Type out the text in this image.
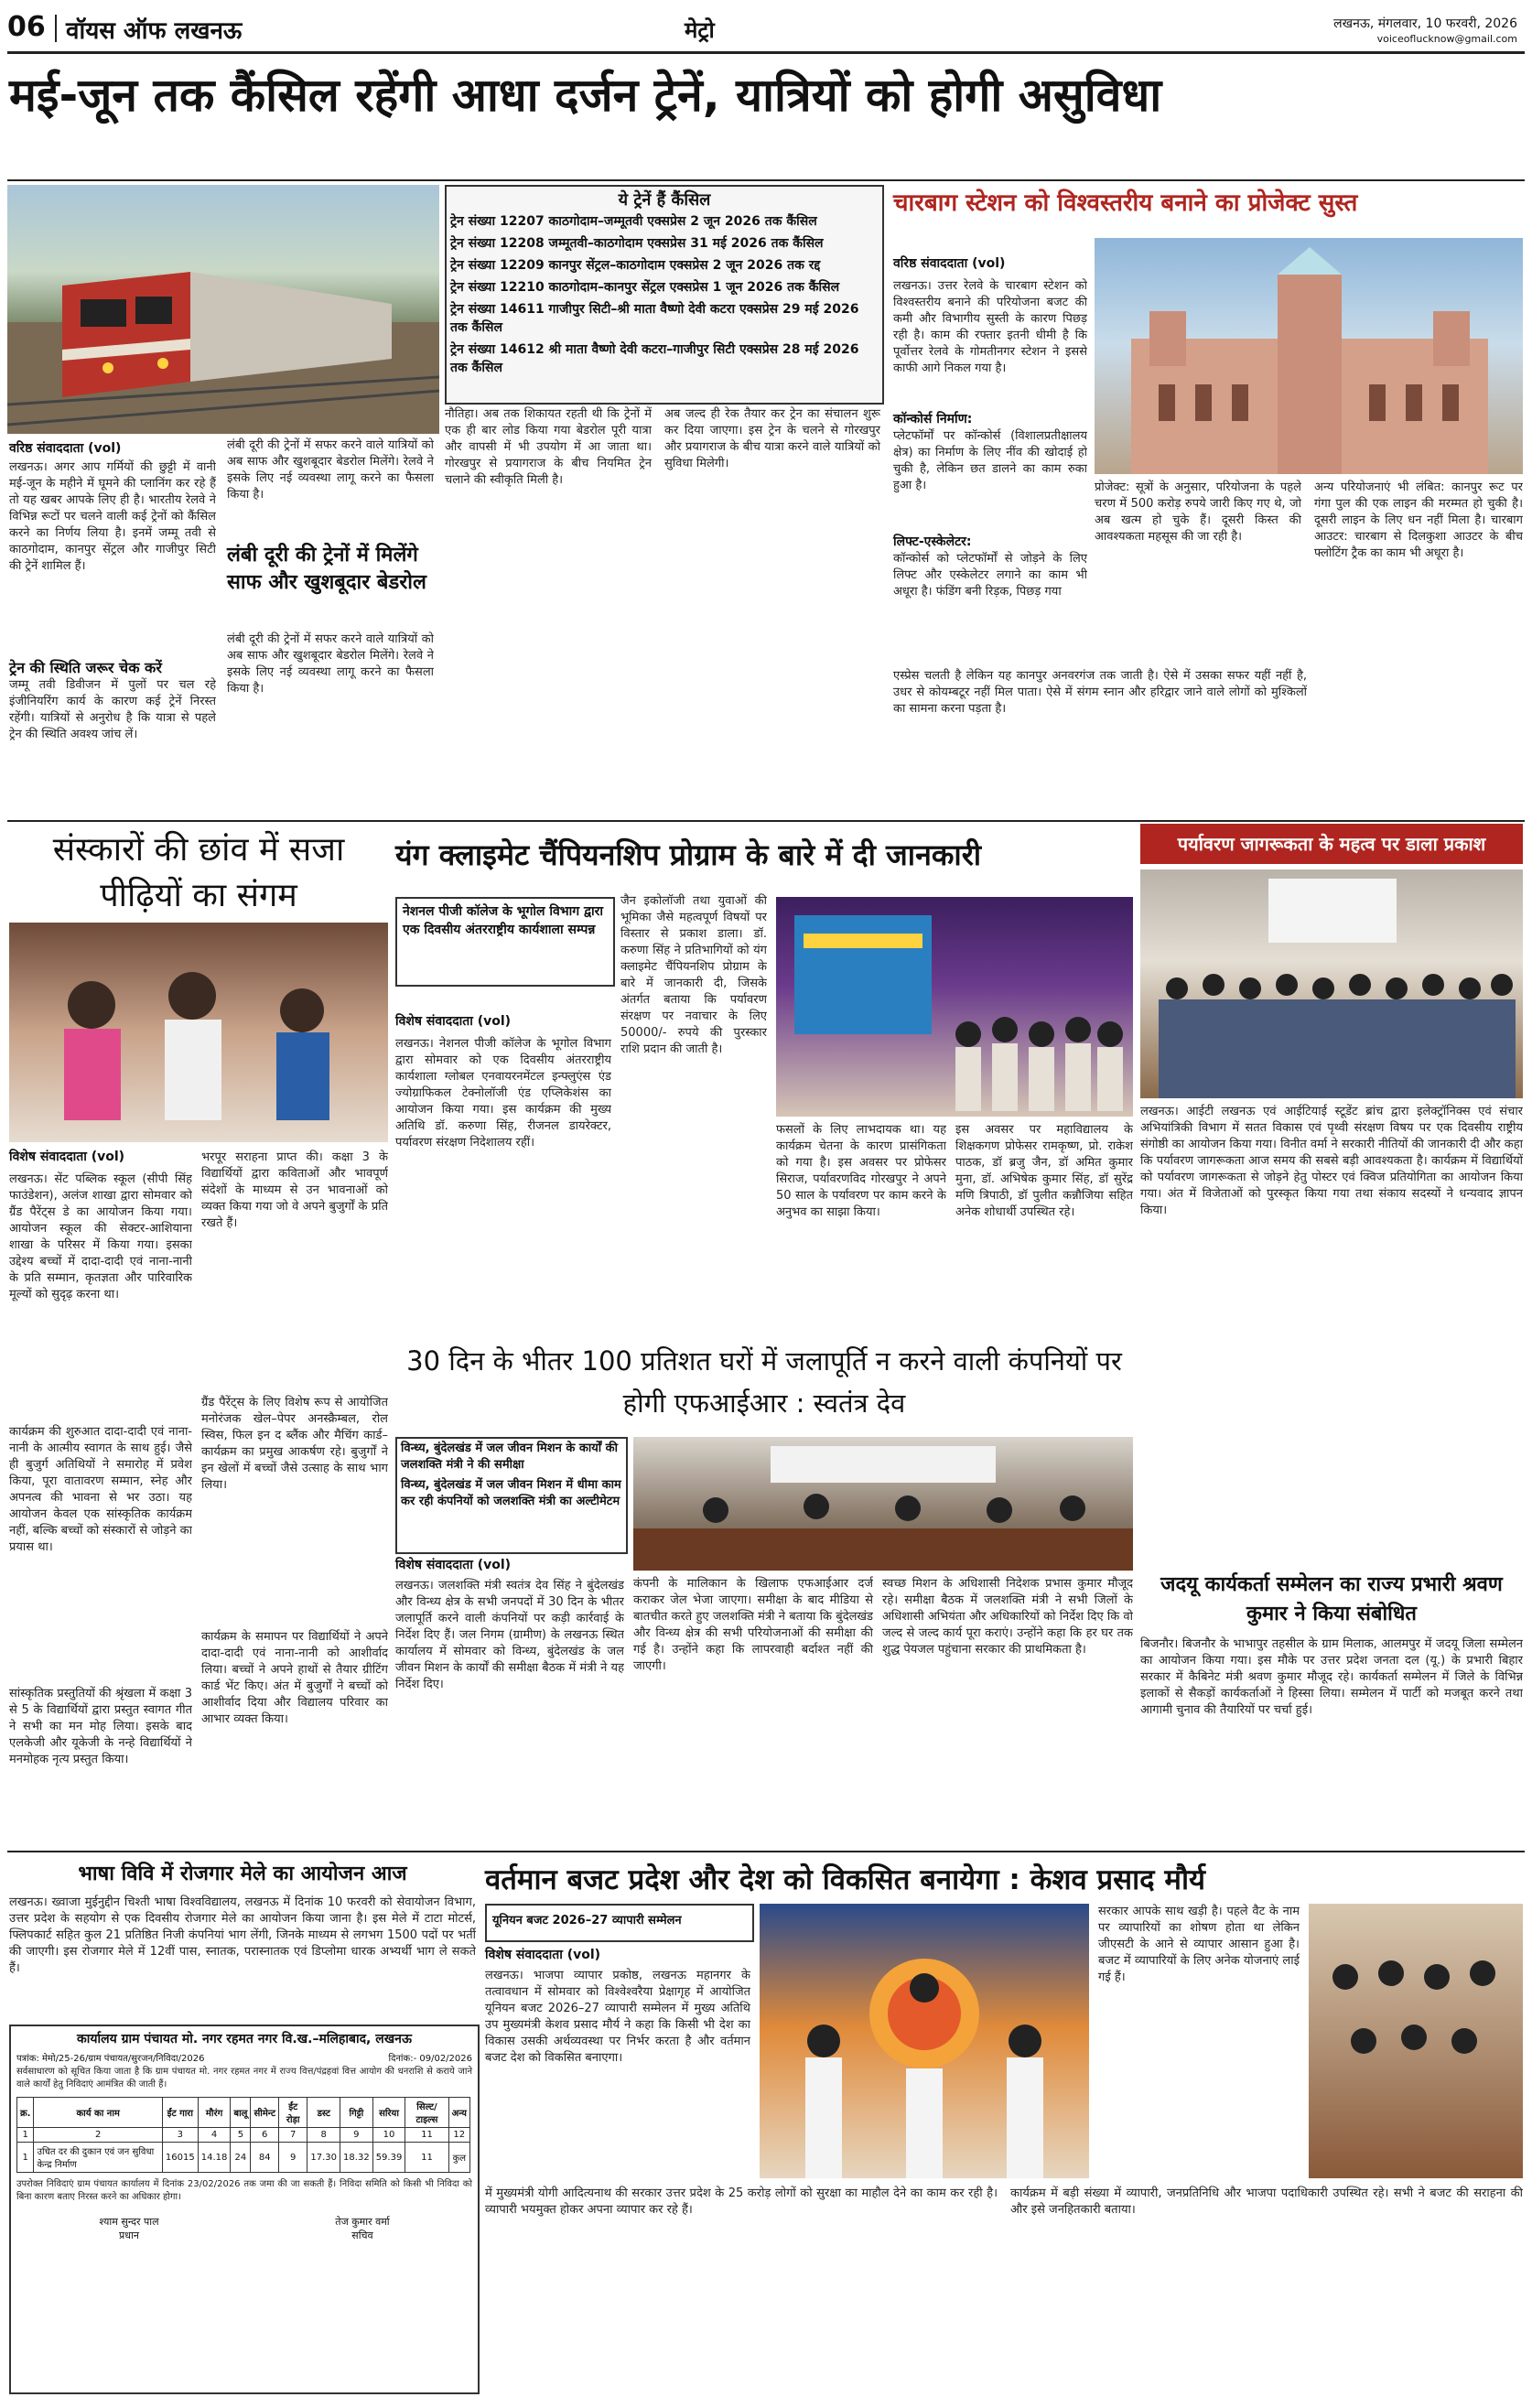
06 वॉयस ऑफ लखनऊ	मेट्रो	लखनऊ, मंगलवार, 10 फरवरी, 2026
voiceoflucknow@gmail.com
मई-जून तक कैंसिल रहेंगी आधा दर्जन ट्रेनें, यात्रियों को होगी असुविधा
वरिष्ठ संवाददाता (vol)
लखनऊ। अगर आप गर्मियों की छुट्टी में वानी मई-जून के महीने में घूमने की प्लानिंग कर रहे हैं तो यह खबर आपके लिए ही है। भारतीय रेलवे ने विभिन्न रूटों पर चलने वाली कई ट्रेनों को कैंसिल करने का निर्णय लिया है। इनमें जम्मू तवी से काठगोदाम, कानपुर सेंट्रल और गाजीपुर सिटी की ट्रेनें शामिल हैं।
ट्रेन की स्थिति जरूर चेक करें
जम्मू तवी डिवीजन में पुलों पर चल रहे इंजीनियरिंग कार्य के कारण कई ट्रेनें निरस्त रहेंगी। यात्रियों से अनुरोध है कि यात्रा से पहले ट्रेन की स्थिति अवश्य जांच लें।
लंबी दूरी की ट्रेनों में सफर करने वाले यात्रियों को अब साफ और खुशबूदार बेडरोल मिलेंगे। रेलवे ने इसके लिए नई व्यवस्था लागू करने का फैसला किया है।
लंबी दूरी की ट्रेनों में मिलेंगे साफ और खुशबूदार बेडरोल
लंबी दूरी की ट्रेनों में सफर करने वाले यात्रियों को अब साफ और खुशबूदार बेडरोल मिलेंगे। रेलवे ने इसके लिए नई व्यवस्था लागू करने का फैसला किया है।
ये ट्रेनें हैं कैंसिल
ट्रेन संख्या 12207 काठगोदाम–जम्मूतवी एक्सप्रेस 2 जून 2026 तक कैंसिल
ट्रेन संख्या 12208 जम्मूतवी–काठगोदाम एक्सप्रेस 31 मई 2026 तक कैंसिल
ट्रेन संख्या 12209 कानपुर सेंट्रल–काठगोदाम एक्सप्रेस 2 जून 2026 तक रद्द
ट्रेन संख्या 12210 काठगोदाम–कानपुर सेंट्रल एक्सप्रेस 1 जून 2026 तक कैंसिल
ट्रेन संख्या 14611 गाजीपुर सिटी–श्री माता वैष्णो देवी कटरा एक्सप्रेस 29 मई 2026 तक कैंसिल
ट्रेन संख्या 14612 श्री माता वैष्णो देवी कटरा–गाजीपुर सिटी एक्सप्रेस 28 मई 2026 तक कैंसिल
नौतिहा। अब तक शिकायत रहती थी कि ट्रेनों में एक ही बार लोड किया गया बेडरोल पूरी यात्रा और वापसी में भी उपयोग में आ जाता था। गोरखपुर से प्रयागराज के बीच नियमित ट्रेन चलाने की स्वीकृति मिली है।
अब जल्द ही रेक तैयार कर ट्रेन का संचालन शुरू कर दिया जाएगा। इस ट्रेन के चलने से गोरखपुर और प्रयागराज के बीच यात्रा करने वाले यात्रियों को सुविधा मिलेगी।
चारबाग स्टेशन को विश्वस्तरीय बनाने का प्रोजेक्ट सुस्त
वरिष्ठ संवाददाता (vol)
लखनऊ। उत्तर रेलवे के चारबाग स्टेशन को विश्वस्तरीय बनाने की परियोजना बजट की कमी और विभागीय सुस्ती के कारण पिछड़ रही है। काम की रफ्तार इतनी धीमी है कि पूर्वोत्तर रेलवे के गोमतीनगर स्टेशन ने इससे काफी आगे निकल गया है।
कॉन्कोर्स निर्माण:
प्लेटफॉर्मों पर कॉन्कोर्स (विशालप्रतीक्षालय क्षेत्र) का निर्माण के लिए नींव की खोदाई हो चुकी है, लेकिन छत डालने का काम रुका हुआ है।
लिफ्ट-एस्केलेटर:
कॉन्कोर्स को प्लेटफॉर्मों से जोड़ने के लिए लिफ्ट और एस्केलेटर लगाने का काम भी अधूरा है। फंडिंग बनी रिड़क, पिछड़ गया
प्रोजेक्ट: सूत्रों के अनुसार, परियोजना के पहले चरण में 500 करोड़ रुपये जारी किए गए थे, जो अब खत्म हो चुके हैं। दूसरी किस्त की आवश्यकता महसूस की जा रही है।
अन्य परियोजनाएं भी लंबित: कानपुर रूट पर गंगा पुल की एक लाइन की मरम्मत हो चुकी है। दूसरी लाइन के लिए धन नहीं मिला है। चारबाग आउटर: चारबाग से दिलकुशा आउटर के बीच फ्लोटिंग ट्रैक का काम भी अधूरा है।
एस्प्रेस चलती है लेकिन यह कानपुर अनवरगंज तक जाती है। ऐसे में उसका सफर यहीं नहीं है, उधर से कोयम्बटूर नहीं मिल पाता। ऐसे में संगम स्नान और हरिद्वार जाने वाले लोगों को मुश्किलों का सामना करना पड़ता है।
संस्कारों की छांव में सजा पीढ़ियों का संगम
विशेष संवाददाता (vol)
लखनऊ। सेंट पब्लिक स्कूल (सीपी सिंह फाउंडेशन), अलंज शाखा द्वारा सोमवार को ग्रैंड पैरेंट्स डे का आयोजन किया गया। आयोजन स्कूल की सेक्टर-आशियाना शाखा के परिसर में किया गया। इसका उद्देश्य बच्चों में दादा-दादी एवं नाना-नानी के प्रति सम्मान, कृतज्ञता और पारिवारिक मूल्यों को सुदृढ़ करना था।
कार्यक्रम की शुरुआत दादा-दादी एवं नाना-नानी के आत्मीय स्वागत के साथ हुई। जैसे ही बुजुर्ग अतिथियों ने समारोह में प्रवेश किया, पूरा वातावरण सम्मान, स्नेह और अपनत्व की भावना से भर उठा। यह आयोजन केवल एक सांस्कृतिक कार्यक्रम नहीं, बल्कि बच्चों को संस्कारों से जोड़ने का प्रयास था।
सांस्कृतिक प्रस्तुतियों की श्रृंखला में कक्षा 3 से 5 के विद्यार्थियों द्वारा प्रस्तुत स्वागत गीत ने सभी का मन मोह लिया। इसके बाद एलकेजी और यूकेजी के नन्हे विद्यार्थियों ने मनमोहक नृत्य प्रस्तुत किया।
भरपूर सराहना प्राप्त की। कक्षा 3 के विद्यार्थियों द्वारा कविताओं और भावपूर्ण संदेशों के माध्यम से उन भावनाओं को व्यक्त किया गया जो वे अपने बुजुर्गों के प्रति रखते हैं।
ग्रैंड पैरेंट्स के लिए विशेष रूप से आयोजित मनोरंजक खेल–पेपर अनस्क्रैम्बल, रोल स्विस, फिल इन द ब्लैंक और मैचिंग कार्ड–कार्यक्रम का प्रमुख आकर्षण रहे। बुजुर्गों ने इन खेलों में बच्चों जैसे उत्साह के साथ भाग लिया।
कार्यक्रम के समापन पर विद्यार्थियों ने अपने दादा-दादी एवं नाना-नानी को आशीर्वाद लिया। बच्चों ने अपने हाथों से तैयार ग्रीटिंग कार्ड भेंट किए। अंत में बुजुर्गों ने बच्चों को आशीर्वाद दिया और विद्यालय परिवार का आभार व्यक्त किया।
यंग क्लाइमेट चैंपियनशिप प्रोग्राम के बारे में दी जानकारी
नेशनल पीजी कॉलेज के भूगोल विभाग द्वारा एक दिवसीय अंतरराष्ट्रीय कार्यशाला सम्पन्न
विशेष संवाददाता (vol)
लखनऊ। नेशनल पीजी कॉलेज के भूगोल विभाग द्वारा सोमवार को एक दिवसीय अंतरराष्ट्रीय कार्यशाला ग्लोबल एनवायरनमेंटल इन्फ्लुएंस एंड ज्योग्राफिकल टेक्नोलॉजी एंड एप्लिकेशंस का आयोजन किया गया। इस कार्यक्रम की मुख्य अतिथि डॉ. करुणा सिंह, रीजनल डायरेक्टर, पर्यावरण संरक्षण निदेशालय रहीं।
जैन इकोलॉजी तथा युवाओं की भूमिका जैसे महत्वपूर्ण विषयों पर विस्तार से प्रकाश डाला। डॉ. करुणा सिंह ने प्रतिभागियों को यंग क्लाइमेट चैंपियनशिप प्रोग्राम के बारे में जानकारी दी, जिसके अंतर्गत बताया कि पर्यावरण संरक्षण पर नवाचार के लिए 50000/- रुपये की पुरस्कार राशि प्रदान की जाती है।
फसलों के लिए लाभदायक था। यह कार्यक्रम चेतना के कारण प्रासंगिकता को गया है। इस अवसर पर प्रोफेसर सिराज, पर्यावरणविद गोरखपुर ने अपने 50 साल के पर्यावरण पर काम करने के अनुभव का साझा किया।
इस अवसर पर महाविद्यालय के शिक्षकगण प्रोफेसर रामकृष्ण, प्रो. राकेश पाठक, डॉ ब्रजु जैन, डॉ अमित कुमार मुना, डॉ. अभिषेक कुमार सिंह, डॉ सुरेंद्र मणि त्रिपाठी, डॉ पुलीत कन्नौजिया सहित अनेक शोधार्थी उपस्थित रहे।
30 दिन के भीतर 100 प्रतिशत घरों में जलापूर्ति न करने वाली कंपनियों पर होगी एफआईआर : स्वतंत्र देव
विन्ध्य, बुंदेलखंड में जल जीवन मिशन के कार्यों की जलशक्ति मंत्री ने की समीक्षा
विन्ध्य, बुंदेलखंड में जल जीवन मिशन में धीमा काम कर रही कंपनियों को जलशक्ति मंत्री का अल्टीमेटम
विशेष संवाददाता (vol)
लखनऊ। जलशक्ति मंत्री स्वतंत्र देव सिंह ने बुंदेलखंड और विन्ध्य क्षेत्र के सभी जनपदों में 30 दिन के भीतर जलापूर्ति करने वाली कंपनियों पर कड़ी कार्रवाई के निर्देश दिए हैं। जल निगम (ग्रामीण) के लखनऊ स्थित कार्यालय में सोमवार को विन्ध्य, बुंदेलखंड के जल जीवन मिशन के कार्यों की समीक्षा बैठक में मंत्री ने यह निर्देश दिए।
कंपनी के मालिकान के खिलाफ एफआईआर दर्ज कराकर जेल भेजा जाएगा। समीक्षा के बाद मीडिया से बातचीत करते हुए जलशक्ति मंत्री ने बताया कि बुंदेलखंड और विन्ध्य क्षेत्र की सभी परियोजनाओं की समीक्षा की गई है। उन्होंने कहा कि लापरवाही बर्दाश्त नहीं की जाएगी।
स्वच्छ मिशन के अधिशासी निदेशक प्रभास कुमार मौजूद रहे। समीक्षा बैठक में जलशक्ति मंत्री ने सभी जिलों के अधिशासी अभियंता और अधिकारियों को निर्देश दिए कि वो जल्द से जल्द कार्य पूरा कराएं। उन्होंने कहा कि हर घर तक शुद्ध पेयजल पहुंचाना सरकार की प्राथमिकता है।
पर्यावरण जागरूकता के महत्व पर डाला प्रकाश
लखनऊ। आईटी लखनऊ एवं आईटियाई स्टूडेंट ब्रांच द्वारा इलेक्ट्रॉनिक्स एवं संचार अभियांत्रिकी विभाग में सतत विकास एवं पृथ्वी संरक्षण विषय पर एक दिवसीय राष्ट्रीय संगोष्ठी का आयोजन किया गया। विनीत वर्मा ने सरकारी नीतियों की जानकारी दी और कहा कि पर्यावरण जागरूकता आज समय की सबसे बड़ी आवश्यकता है। कार्यक्रम में विद्यार्थियों को पर्यावरण जागरूकता से जोड़ने हेतु पोस्टर एवं क्विज प्रतियोगिता का आयोजन किया गया। अंत में विजेताओं को पुरस्कृत किया गया तथा संकाय सदस्यों ने धन्यवाद ज्ञापन किया।
जदयू कार्यकर्ता सम्मेलन का राज्य प्रभारी श्रवण कुमार ने किया संबोधित
बिजनौर। बिजनौर के भाभापुर तहसील के ग्राम मिलाक, आलमपुर में जदयू जिला सम्मेलन का आयोजन किया गया। इस मौके पर उत्तर प्रदेश जनता दल (यू.) के प्रभारी बिहार सरकार में कैबिनेट मंत्री श्रवण कुमार मौजूद रहे। कार्यकर्ता सम्मेलन में जिले के विभिन्न इलाकों से सैकड़ों कार्यकर्ताओं ने हिस्सा लिया। सम्मेलन में पार्टी को मजबूत करने तथा आगामी चुनाव की तैयारियों पर चर्चा हुई।
भाषा विवि में रोजगार मेले का आयोजन आज
लखनऊ। ख्वाजा मुईनुद्दीन चिश्ती भाषा विश्वविद्यालय, लखनऊ में दिनांक 10 फरवरी को सेवायोजन विभाग, उत्तर प्रदेश के सहयोग से एक दिवसीय रोजगार मेले का आयोजन किया जाना है। इस मेले में टाटा मोटर्स, फ्लिपकार्ट सहित कुल 21 प्रतिष्ठित निजी कंपनियां भाग लेंगी, जिनके माध्यम से लगभग 1500 पदों पर भर्ती की जाएगी। इस रोजगार मेले में 12वीं पास, स्नातक, परास्नातक एवं डिप्लोमा धारक अभ्यर्थी भाग ले सकते हैं।
कार्यालय ग्राम पंचायत मो. नगर रहमत नगर वि.ख.–मलिहाबाद, लखनऊ
पत्रांक: मेमो/25-26/ग्राम पंचायत/सुरजन/निविदा/2026	दिनांक:- 09/02/2026
सर्वसाधारण को सूचित किया जाता है कि ग्राम पंचायत मो. नगर रहमत नगर में राज्य वित्त/पंद्रहवां वित्त आयोग की धनराशि से कराये जाने वाले कार्यों हेतु निविदाएं आमंत्रित की जाती हैं।
क्र.	कार्य का नाम	ईंट गारा	मौरंग	बालू	सीमेन्ट	ईंट रोड़ा	डस्ट	गिट्टी	सरिया	सिल्ट/टाइल्स	अन्य
1	2	3	4	5	6	7	8	9	10	11	12
1	उचित दर की दुकान एवं जन सुविधा केन्द्र निर्माण	16015	14.18	24	84	9	17.30	18.32	59.39	11	कुल
उपरोक्त निविदाएं ग्राम पंचायत कार्यालय में दिनांक 23/02/2026 तक जमा की जा सकती हैं। निविदा समिति को किसी भी निविदा को बिना कारण बताए निरस्त करने का अधिकार होगा।
श्याम सुन्दर पाल
प्रधान
तेज कुमार वर्मा
सचिव
वर्तमान बजट प्रदेश और देश को विकसित बनायेगा : केशव प्रसाद मौर्य
यूनियन बजट 2026–27 व्यापारी सम्मेलन
विशेष संवाददाता (vol)
लखनऊ। भाजपा व्यापार प्रकोष्ठ, लखनऊ महानगर के तत्वावधान में सोमवार को विश्वेश्वरैया प्रेक्षागृह में आयोजित यूनियन बजट 2026–27 व्यापारी सम्मेलन में मुख्य अतिथि उप मुख्यमंत्री केशव प्रसाद मौर्य ने कहा कि किसी भी देश का विकास उसकी अर्थव्यवस्था पर निर्भर करता है और वर्तमान बजट देश को विकसित बनाएगा।
सरकार आपके साथ खड़ी है। पहले वैट के नाम पर व्यापारियों का शोषण होता था लेकिन जीएसटी के आने से व्यापार आसान हुआ है। बजट में व्यापारियों के लिए अनेक योजनाएं लाई गई हैं।
में मुख्यमंत्री योगी आदित्यनाथ की सरकार उत्तर प्रदेश के 25 करोड़ लोगों को सुरक्षा का माहौल देने का काम कर रही है। व्यापारी भयमुक्त होकर अपना व्यापार कर रहे हैं।
कार्यक्रम में बड़ी संख्या में व्यापारी, जनप्रतिनिधि और भाजपा पदाधिकारी उपस्थित रहे। सभी ने बजट की सराहना की और इसे जनहितकारी बताया।
